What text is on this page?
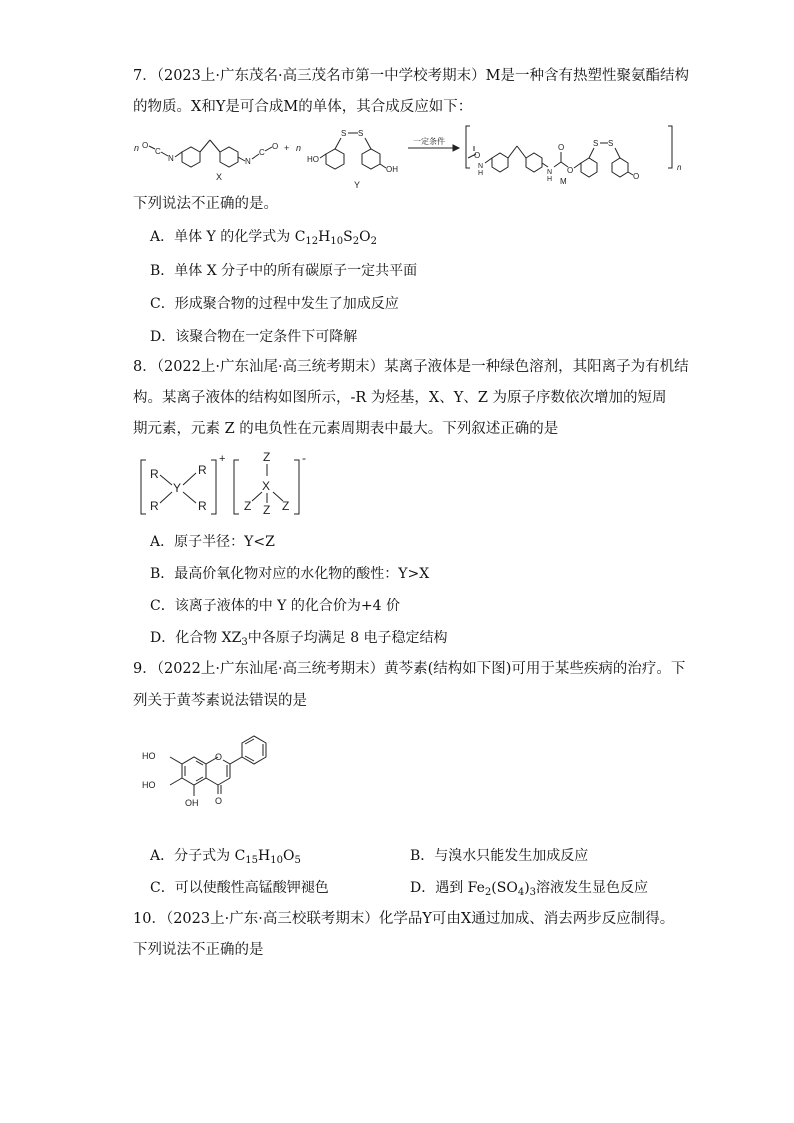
7．（2023上·广东茂名·高三茂名市第一中学校考期末）M是一种含有热塑性聚氨酯结构
的物质。X和Y是可合成M的单体，其合成反应如下：
n O
C
N	N
C
O
X
+ n
HO
S S
OH
Y
一定条件
O
N
H	N
H
O
O
S S
O
n
M
下列说法不正确的是。
A．单体 Y 的化学式为 $C_{12}H_{10}S_2O_2$
B．单体 X 分子中的所有碳原子一定共平面
C．形成聚合物的过程中发生了加成反应
D．该聚合物在一定条件下可降解
8．（2022上·广东汕尾·高三统考期末）某离子液体是一种绿色溶剂，其阳离子为有机结
构。某离子液体的结构如图所示，-R 为烃基，X、Y、Z 为原子序数依次增加的短周
期元素，元素 Z 的电负性在元素周期表中最大。下列叙述正确的是
R	R
Y
R	R
+	Z
X
Z Z Z
-
A．原子半径：Y<Z
B．最高价氧化物对应的水化物的酸性：Y>X
C．该离子液体的中 Y 的化合价为+4 价
D．化合物 $XZ_3$中各原子均满足 8 电子稳定结构
9．（2022上·广东汕尾·高三统考期末）黄芩素(结构如下图)可用于某些疾病的治疗。下
列关于黄芩素说法错误的是
O
O
HO
HO
OH
A．分子式为 $C_{15}H_{10}O_5$	B．与溴水只能发生加成反应
C．可以使酸性高锰酸钾褪色	D．遇到 $Fe_2(SO_4)_3$溶液发生显色反应
10．（2023上·广东·高三校联考期末）化学品Y可由X通过加成、消去两步反应制得。
下列说法不正确的是
